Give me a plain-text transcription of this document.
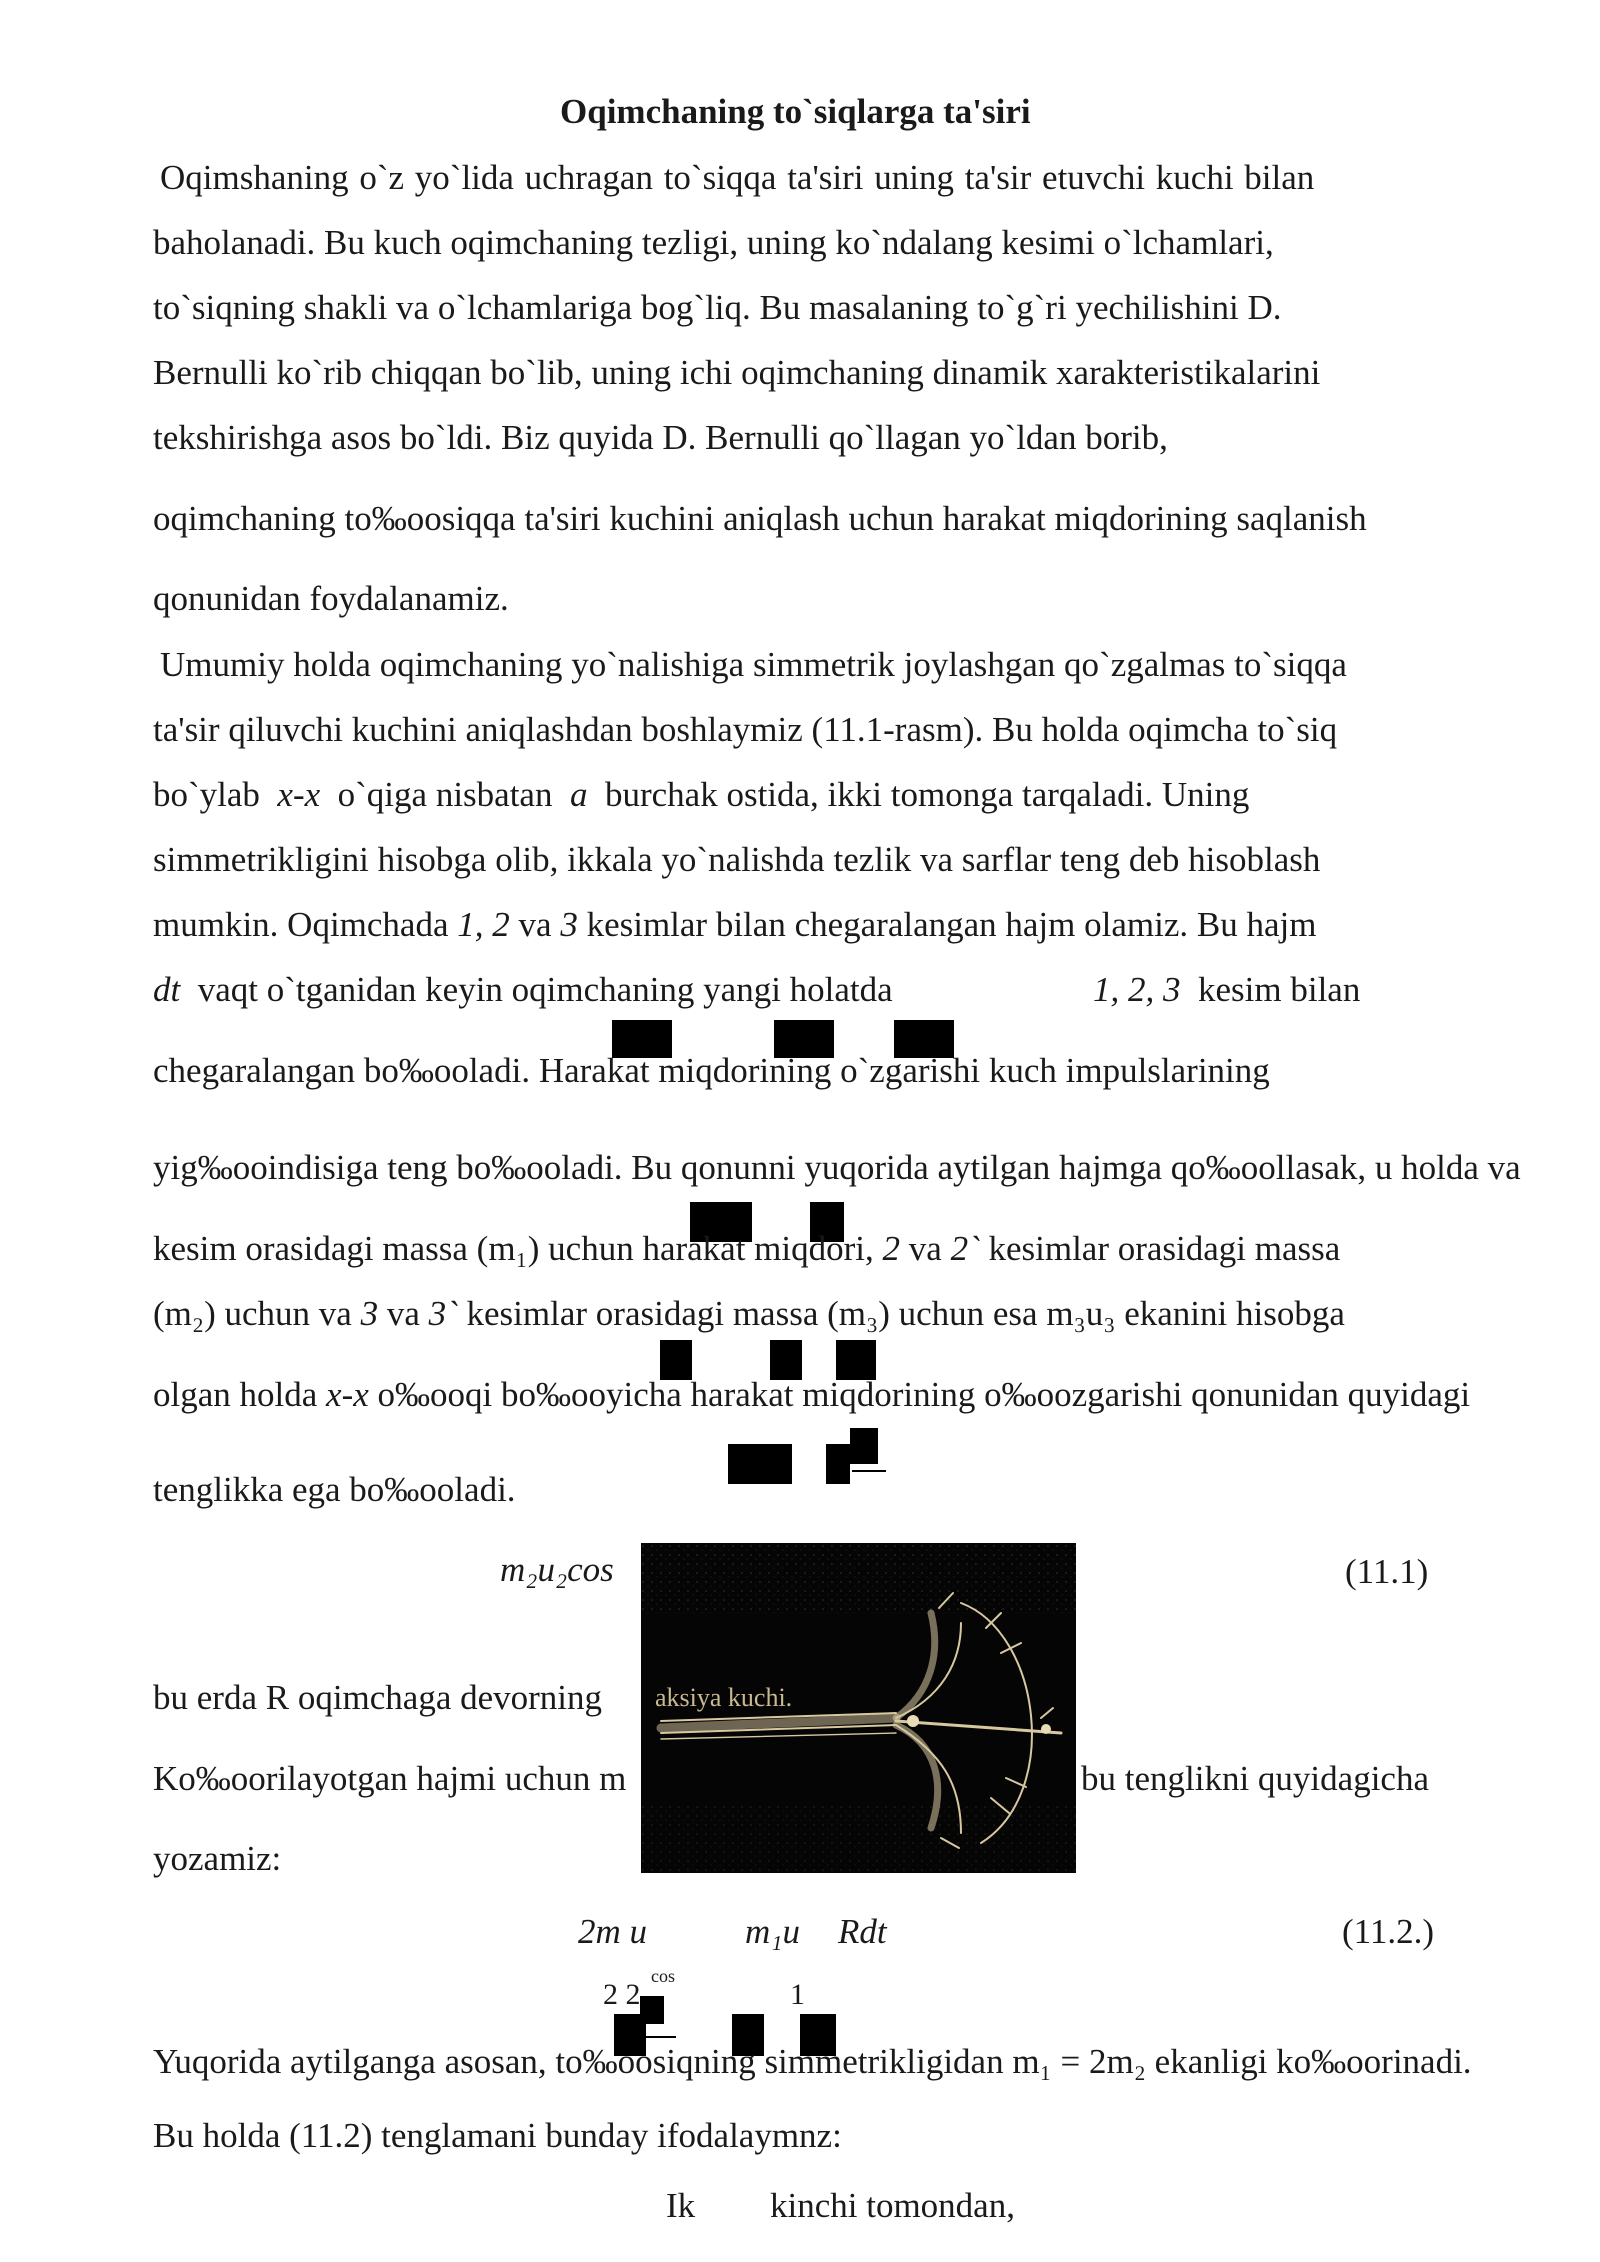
Oqimchaning to`siqlarga ta'siri
Oqimshaning o`z yo`lida uchragan to`siqqa ta'siri uning ta'sir etuvchi kuchi bilan
baholanadi. Bu kuch oqimchaning tezligi, uning ko`ndalang kesimi o`lchamlari,
to`siqning shakli va o`lchamlariga bog`liq. Bu masalaning to`g`ri yechilishini D.
Bernulli ko`rib chiqqan bo`lib, uning ichi oqimchaning dinamik xarakteristikalarini
tekshirishga asos bo`ldi. Biz quyida D. Bernulli qo`llagan yo`ldan borib,
oqimchaning to‰oosiqqa ta'siri kuchini aniqlash uchun harakat miqdorining saqlanish
qonunidan foydalanamiz.
Umumiy holda oqimchaning yo`nalishiga simmetrik joylashgan qo`zgalmas to`siqqa
ta'sir qiluvchi kuchini aniqlashdan boshlaymiz (11.1-rasm). Bu holda oqimcha to`siq
bo`ylab x-x o`qiga nisbatan a burchak ostida, ikki tomonga tarqaladi. Uning
simmetrikligini hisobga olib, ikkala yo`nalishda tezlik va sarflar teng deb hisoblash
mumkin. Oqimchada 1, 2 va 3 kesimlar bilan chegaralangan hajm olamiz. Bu hajm
dt vaqt o`tganidan keyin oqimchaning yangi holatda	1, 2, 3 kesim bilan
chegaralangan bo‰ooladi. Harakat miqdorining o`zgarishi kuch impulslarining
yig‰ooindisiga teng bo‰ooladi. Bu qonunni yuqorida aytilgan hajmga qo‰oollasak, u holda va
kesim orasidagi massa (m₁) uchun harakat miqdori, 2 va 2` kesimlar orasidagi massa
(m₂) uchun va 3 va 3` kesimlar orasidagi massa (m₃) uchun esa m₃u₃ ekanini hisobga
olgan holda x-x o‰ooqi bo‰ooyicha harakat miqdorining o‰oozgarishi qonunidan quyidagi
tenglikka ega bo‰ooladi.
m₂u₂cos	(11.1)
bu erda R oqimchaga devorning aksiya kuchi.
Ko‰oorilayotgan hajmi uchun m	bu tenglikni quyidagicha
yozamiz:
2m u	m₁u Rdt	(11.2.)
2 2
cos
1
Yuqorida aytilganga asosan, to‰oosiqning simmetrikligidan m₁ = 2m₂ ekanligi ko‰oorinadi.
Bu holda (11.2) tenglamani bunday ifodalaymnz:
Ik kinchi tomondan,
